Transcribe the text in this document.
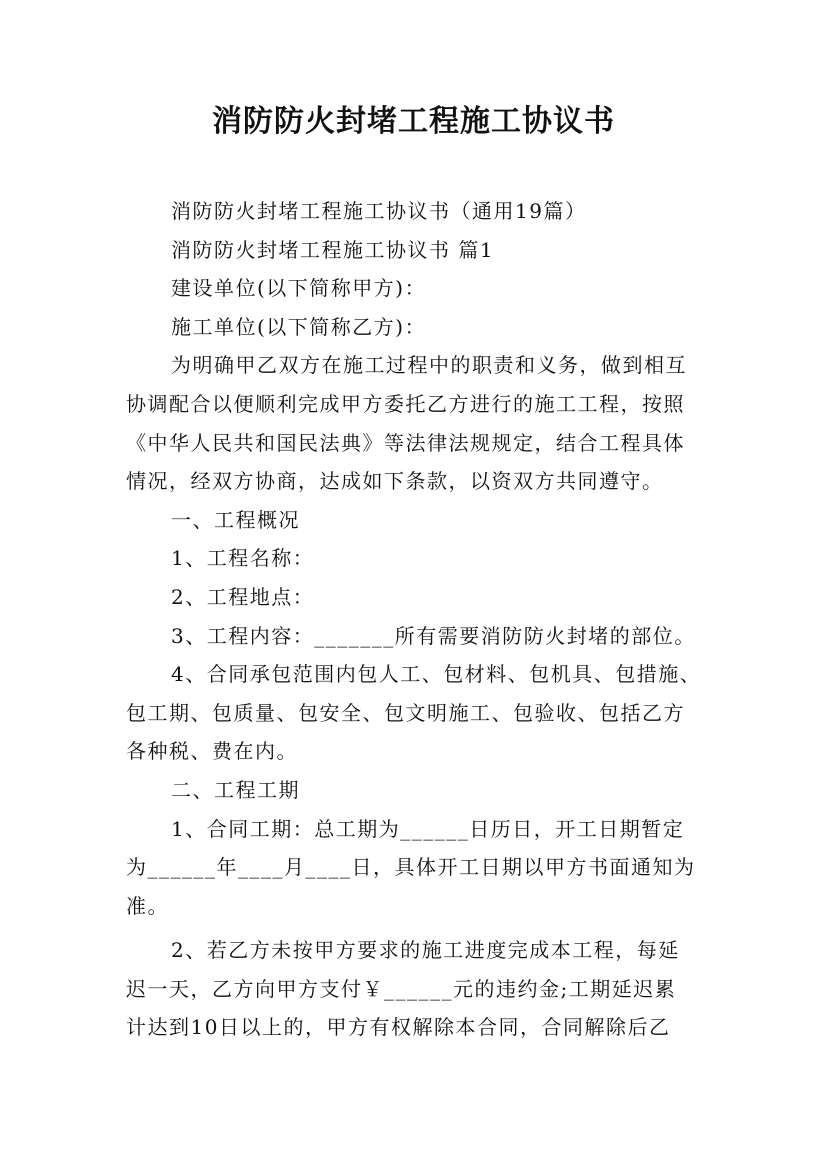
消防防火封堵工程施工协议书

消防防火封堵工程施工协议书（通用19篇）

消防防火封堵工程施工协议书 篇1

建设单位(以下简称甲方)：

施工单位(以下简称乙方)：

为明确甲乙双方在施工过程中的职责和义务，做到相互

协调配合以便顺利完成甲方委托乙方进行的施工工程，按照

《中华人民共和国民法典》等法律法规规定，结合工程具体

情况，经双方协商，达成如下条款，以资双方共同遵守。

一、工程概况

1、工程名称：

2、工程地点：

3、工程内容：_______所有需要消防防火封堵的部位。

4、合同承包范围内包人工、包材料、包机具、包措施、

包工期、包质量、包安全、包文明施工、包验收、包括乙方

各种税、费在内。

二、工程工期

1、合同工期：总工期为______日历日，开工日期暂定

为______年____月____日，具体开工日期以甲方书面通知为

准。

2、若乙方未按甲方要求的施工进度完成本工程，每延

迟一天，乙方向甲方支付￥______元的违约金;工期延迟累

计达到10日以上的，甲方有权解除本合同，合同解除后乙
